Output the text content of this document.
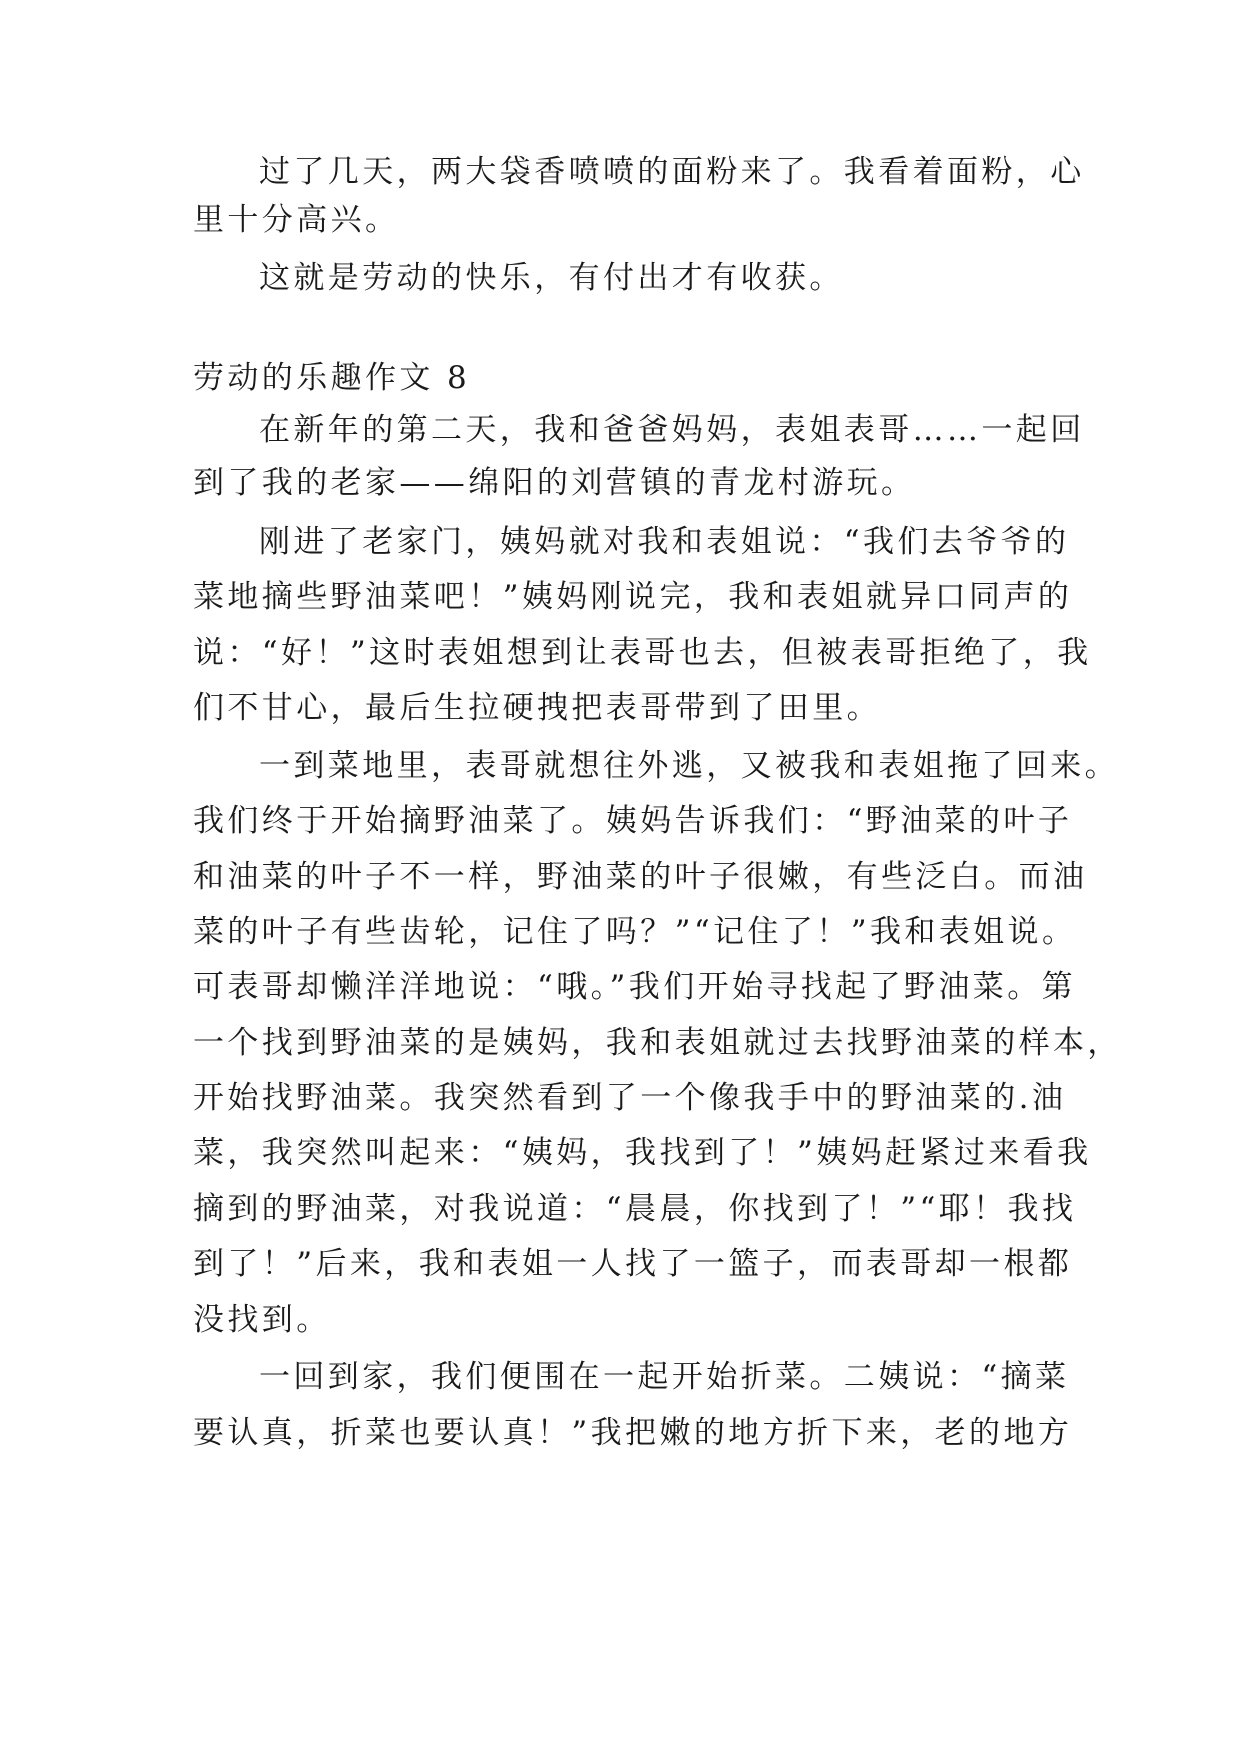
过了几天，两大袋香喷喷的面粉来了。我看着面粉，心
里十分高兴。
这就是劳动的快乐，有付出才有收获。
劳动的乐趣作文 8
在新年的第二天，我和爸爸妈妈，表姐表哥……一起回
到了我的老家——绵阳的刘营镇的青龙村游玩。
刚进了老家门，姨妈就对我和表姐说：“我们去爷爷的
菜地摘些野油菜吧！”姨妈刚说完，我和表姐就异口同声的
说：“好！”这时表姐想到让表哥也去，但被表哥拒绝了，我
们不甘心，最后生拉硬拽把表哥带到了田里。
一到菜地里，表哥就想往外逃，又被我和表姐拖了回来。
我们终于开始摘野油菜了。姨妈告诉我们：“野油菜的叶子
和油菜的叶子不一样，野油菜的叶子很嫩，有些泛白。而油
菜的叶子有些齿轮，记住了吗？”“记住了！”我和表姐说。
可表哥却懒洋洋地说：“哦。”我们开始寻找起了野油菜。第
一个找到野油菜的是姨妈，我和表姐就过去找野油菜的样本，
开始找野油菜。我突然看到了一个像我手中的野油菜的.油
菜，我突然叫起来：“姨妈，我找到了！”姨妈赶紧过来看我
摘到的野油菜，对我说道：“晨晨，你找到了！”“耶！我找
到了！”后来，我和表姐一人找了一篮子，而表哥却一根都
没找到。
一回到家，我们便围在一起开始折菜。二姨说：“摘菜
要认真，折菜也要认真！”我把嫩的地方折下来，老的地方
